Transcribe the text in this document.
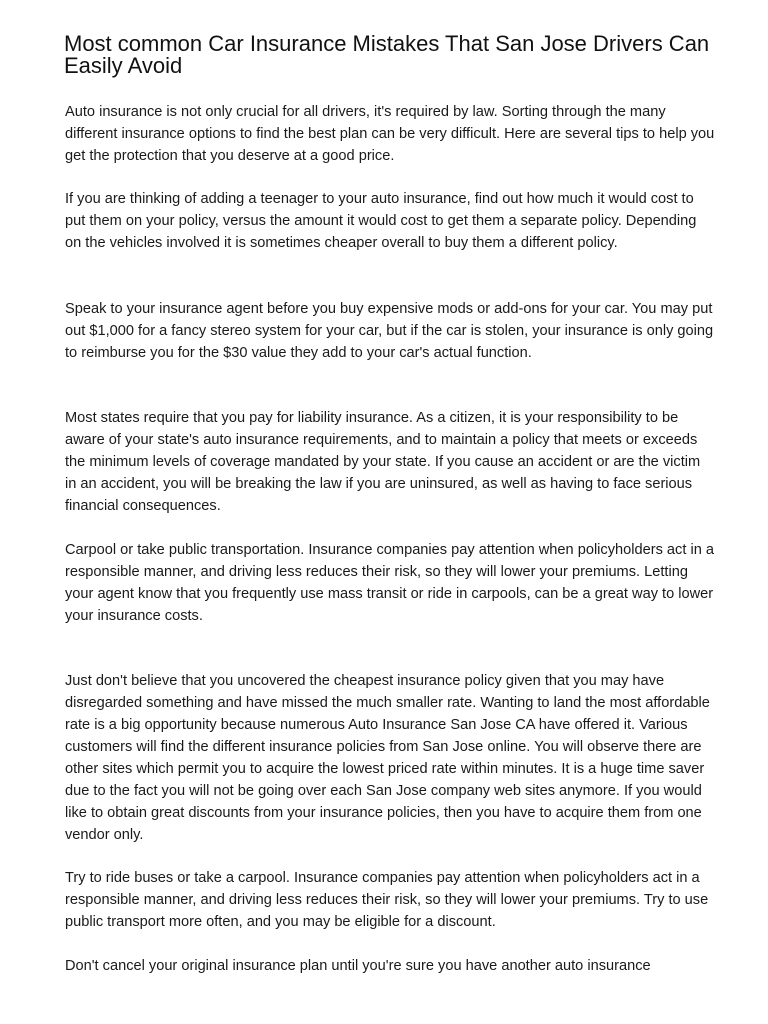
Most common Car Insurance Mistakes That San Jose Drivers Can Easily Avoid

Auto insurance is not only crucial for all drivers, it's required by law. Sorting through the many different insurance options to find the best plan can be very difficult. Here are several tips to help you get the protection that you deserve at a good price.

If you are thinking of adding a teenager to your auto insurance, find out how much it would cost to put them on your policy, versus the amount it would cost to get them a separate policy. Depending on the vehicles involved it is sometimes cheaper overall to buy them a different policy.

Speak to your insurance agent before you buy expensive mods or add-ons for your car. You may put out $1,000 for a fancy stereo system for your car, but if the car is stolen, your insurance is only going to reimburse you for the $30 value they add to your car's actual function.

Most states require that you pay for liability insurance. As a citizen, it is your responsibility to be aware of your state's auto insurance requirements, and to maintain a policy that meets or exceeds the minimum levels of coverage mandated by your state. If you cause an accident or are the victim in an accident, you will be breaking the law if you are uninsured, as well as having to face serious financial consequences.

Carpool or take public transportation. Insurance companies pay attention when policyholders act in a responsible manner, and driving less reduces their risk, so they will lower your premiums. Letting your agent know that you frequently use mass transit or ride in carpools, can be a great way to lower your insurance costs.

Just don't believe that you uncovered the cheapest insurance policy given that you may have disregarded something and have missed the much smaller rate. Wanting to land the most affordable rate is a big opportunity because numerous Auto Insurance San Jose CA have offered it. Various customers will find the different insurance policies from San Jose online. You will observe there are other sites which permit you to acquire the lowest priced rate within minutes. It is a huge time saver due to the fact you will not be going over each San Jose company web sites anymore. If you would like to obtain great discounts from your insurance policies, then you have to acquire them from one vendor only.

Try to ride buses or take a carpool. Insurance companies pay attention when policyholders act in a responsible manner, and driving less reduces their risk, so they will lower your premiums. Try to use public transport more often, and you may be eligible for a discount.

Don't cancel your original insurance plan until you're sure you have another auto insurance
